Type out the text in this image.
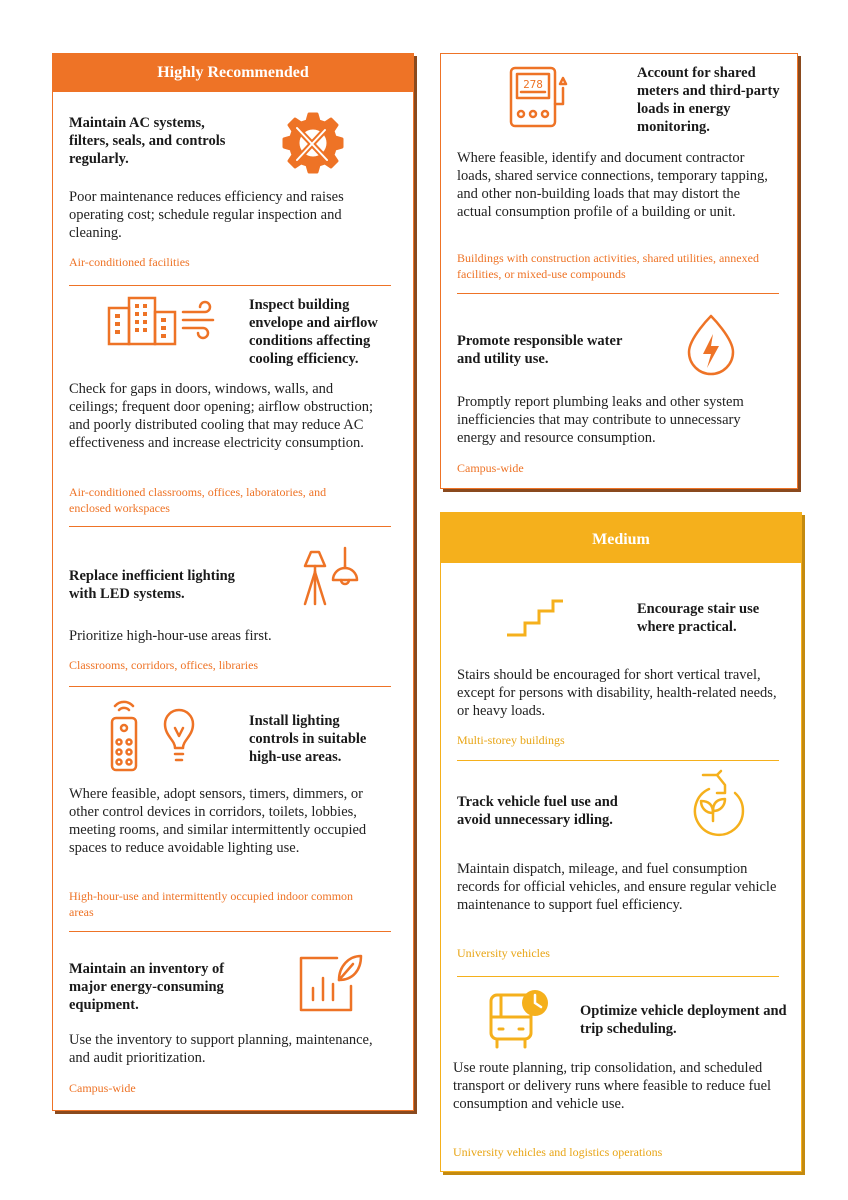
Highly Recommended
Maintain AC systems, filters, seals, and controls regularly.
Poor maintenance reduces efficiency and raises operating cost; schedule regular inspection and cleaning.
Air-conditioned facilities
Inspect building envelope and airflow conditions affecting cooling efficiency.
Check for gaps in doors, windows, walls, and ceilings; frequent door opening; airflow obstruction; and poorly distributed cooling that may reduce AC effectiveness and increase electricity consumption.
Air-conditioned classrooms, offices, laboratories, and enclosed workspaces
Replace inefficient lighting with LED systems.
Prioritize high-hour-use areas first.
Classrooms, corridors, offices, libraries
Install lighting controls in suitable high-use areas.
Where feasible, adopt sensors, timers, dimmers, or other control devices in corridors, toilets, lobbies, meeting rooms, and similar intermittently occupied spaces to reduce avoidable lighting use.
High-hour-use and intermittently occupied indoor common areas
Maintain an inventory of major energy-consuming equipment.
Use the inventory to support planning, maintenance, and audit prioritization.
Campus-wide
278
Account for shared meters and third-party loads in energy monitoring.
Where feasible, identify and document contractor loads, shared service connections, temporary tapping, and other non-building loads that may distort the actual consumption profile of a building or unit.
Buildings with construction activities, shared utilities, annexed facilities, or mixed-use compounds
Promote responsible water and utility use.
Promptly report plumbing leaks and other system inefficiencies that may contribute to unnecessary energy and resource consumption.
Campus-wide
Medium
Encourage stair use where practical.
Stairs should be encouraged for short vertical travel, except for persons with disability, health-related needs, or heavy loads.
Multi-storey buildings
Track vehicle fuel use and avoid unnecessary idling.
Maintain dispatch, mileage, and fuel consumption records for official vehicles, and ensure regular vehicle maintenance to support fuel efficiency.
University vehicles
Optimize vehicle deployment and trip scheduling.
Use route planning, trip consolidation, and scheduled transport or delivery runs where feasible to reduce fuel consumption and vehicle use.
University vehicles and logistics operations
